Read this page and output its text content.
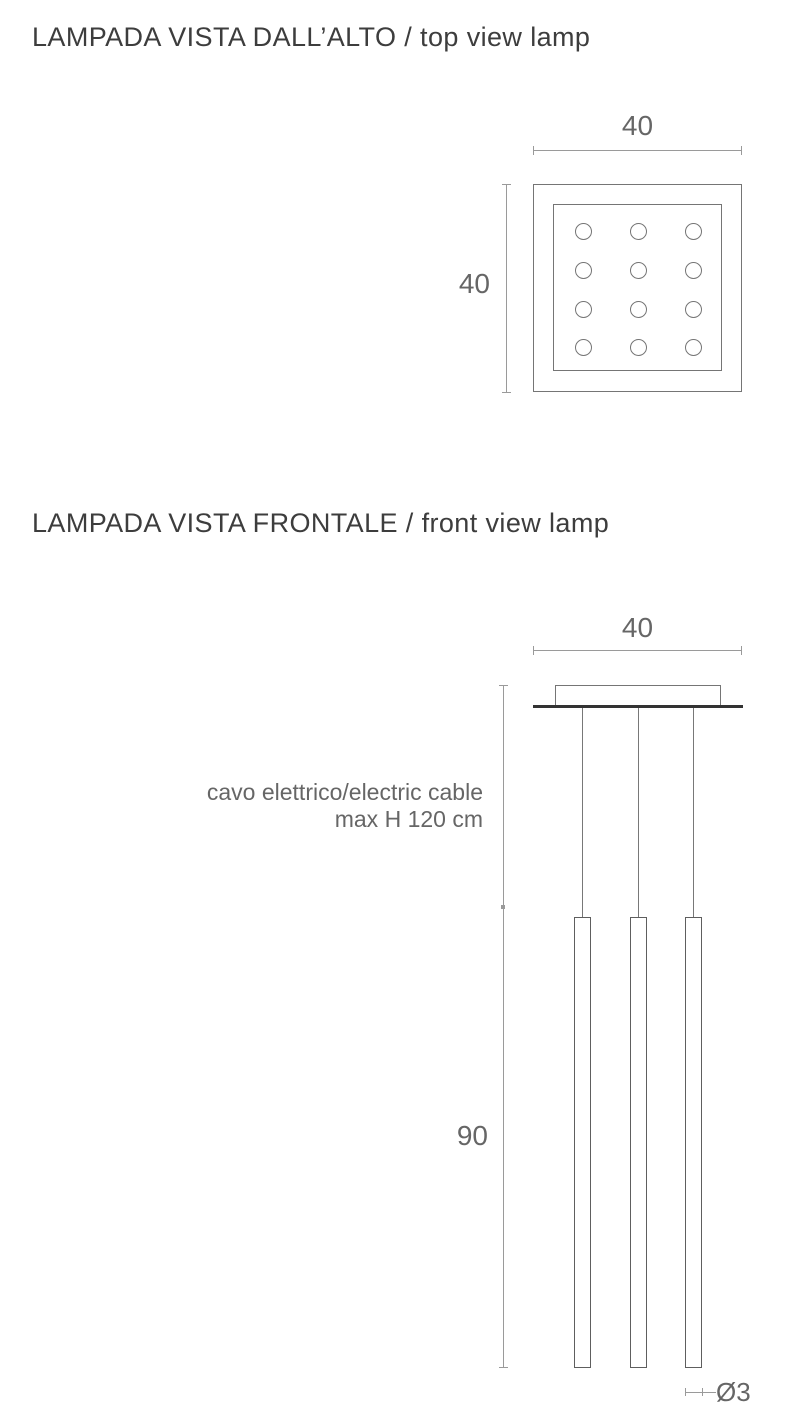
LAMPADA VISTA DALL’ALTO / top view lamp
40
40
LAMPADA VISTA FRONTALE / front view lamp
40
cavo elettrico/electric cable
max H 120 cm
90
Ø3
